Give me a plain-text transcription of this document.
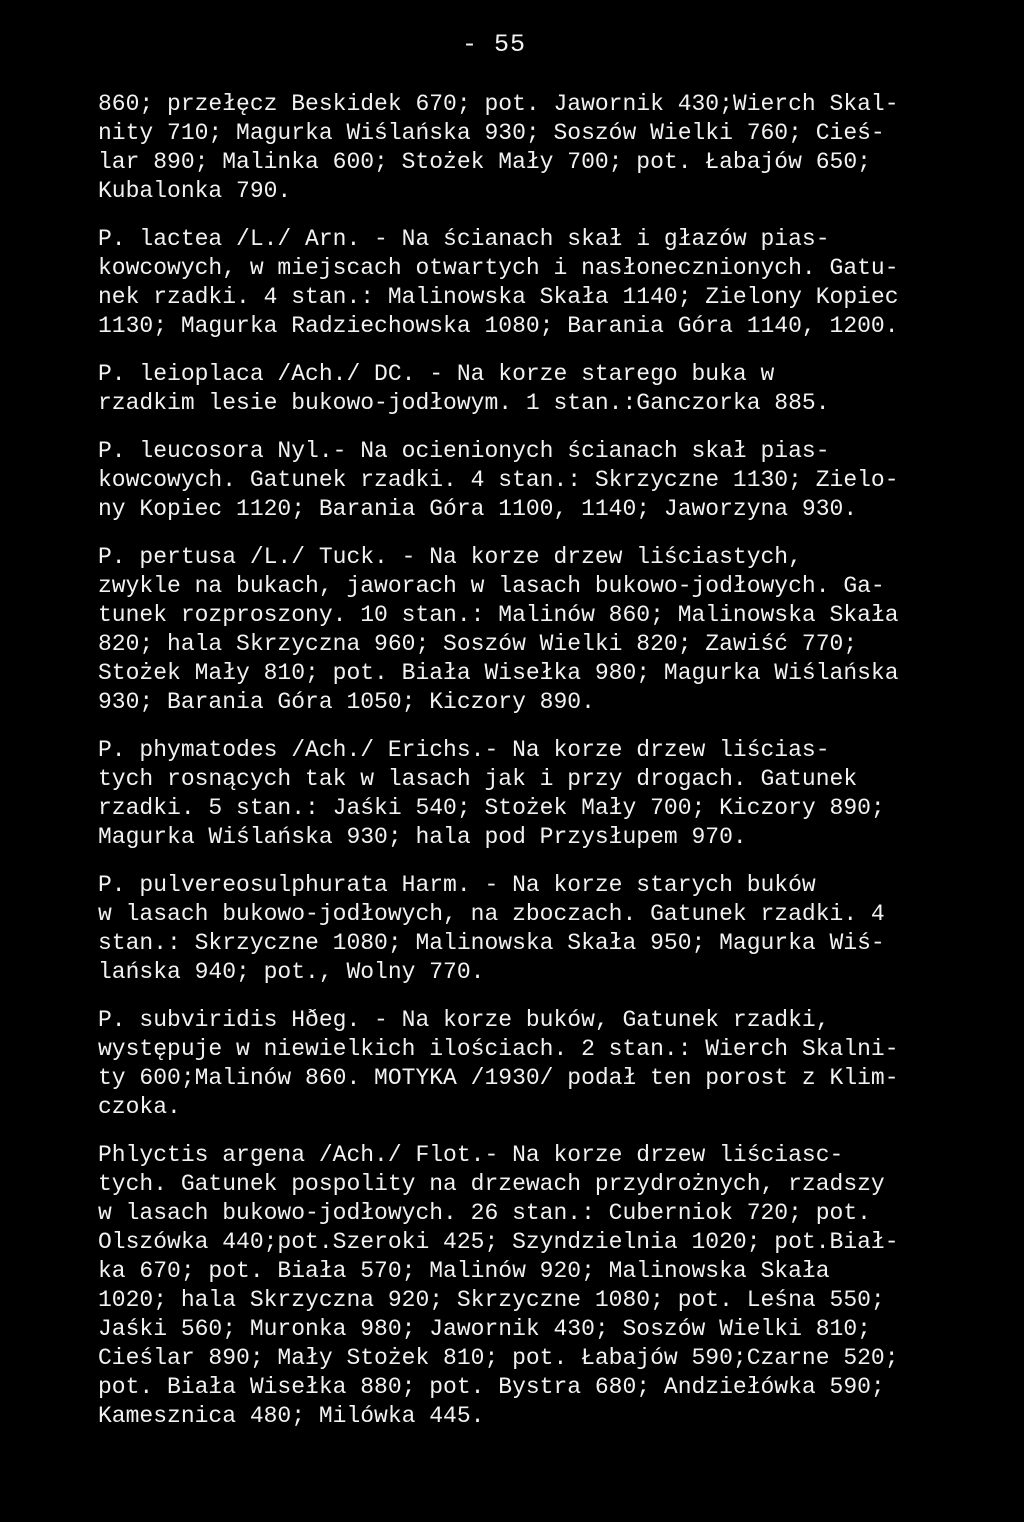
- 55
860; przełęcz Beskidek 670; pot. Jawornik 430;Wierch Skal-
nity 710; Magurka Wiślańska 930; Soszów Wielki 760; Cieś-
lar 890; Malinka 600; Stożek Mały 700; pot. Łabajów 650;
Kubalonka 790.
P. lactea /L./ Arn. - Na ścianach skał i głazów pias-
kowcowych, w miejscach otwartych i nasłonecznionych. Gatu-
nek rzadki. 4 stan.: Malinowska Skała 1140; Zielony Kopiec
1130; Magurka Radziechowska 1080; Barania Góra 1140, 1200.
P. leioplaca /Ach./ DC. - Na korze starego buka w
rzadkim lesie bukowo-jodłowym. 1 stan.:Ganczorka 885.
P. leucosora Nyl.- Na ocienionych ścianach skał pias-
kowcowych. Gatunek rzadki. 4 stan.: Skrzyczne 1130; Zielo-
ny Kopiec 1120; Barania Góra 1100, 1140; Jaworzyna 930.
P. pertusa /L./ Tuck. - Na korze drzew liściastych,
zwykle na bukach, jaworach w lasach bukowo-jodłowych. Ga-
tunek rozproszony. 10 stan.: Malinów 860; Malinowska Skała
820; hala Skrzyczna 960; Soszów Wielki 820; Zawiść 770;
Stożek Mały 810; pot. Biała Wisełka 980; Magurka Wiślańska
930; Barania Góra 1050; Kiczory 890.
P. phymatodes /Ach./ Erichs.- Na korze drzew liścias-
tych rosnących tak w lasach jak i przy drogach. Gatunek
rzadki. 5 stan.: Jaśki 540; Stożek Mały 700; Kiczory 890;
Magurka Wiślańska 930; hala pod Przysłupem 970.
P. pulvereosulphurata Harm. - Na korze starych buków
w lasach bukowo-jodłowych, na zboczach. Gatunek rzadki. 4
stan.: Skrzyczne 1080; Malinowska Skała 950; Magurka Wiś-
lańska 940; pot., Wolny 770.
P. subviridis Hðeg. - Na korze buków, Gatunek rzadki,
występuje w niewielkich ilościach. 2 stan.: Wierch Skalni-
ty 600;Malinów 860. MOTYKA /1930/ podał ten porost z Klim-
czoka.
Phlyctis argena /Ach./ Flot.- Na korze drzew liściasc-
tych. Gatunek pospolity na drzewach przydrożnych, rzadszy
w lasach bukowo-jodłowych. 26 stan.: Cuberniok 720; pot.
Olszówka 440;pot.Szeroki 425; Szyndzielnia 1020; pot.Biał-
ka 670; pot. Biała 570; Malinów 920; Malinowska Skała
1020; hala Skrzyczna 920; Skrzyczne 1080; pot. Leśna 550;
Jaśki 560; Muronka 980; Jawornik 430; Soszów Wielki 810;
Cieślar 890; Mały Stożek 810; pot. Łabajów 590;Czarne 520;
pot. Biała Wisełka 880; pot. Bystra 680; Andziełówka 590;
Kamesznica 480; Milówka 445.
